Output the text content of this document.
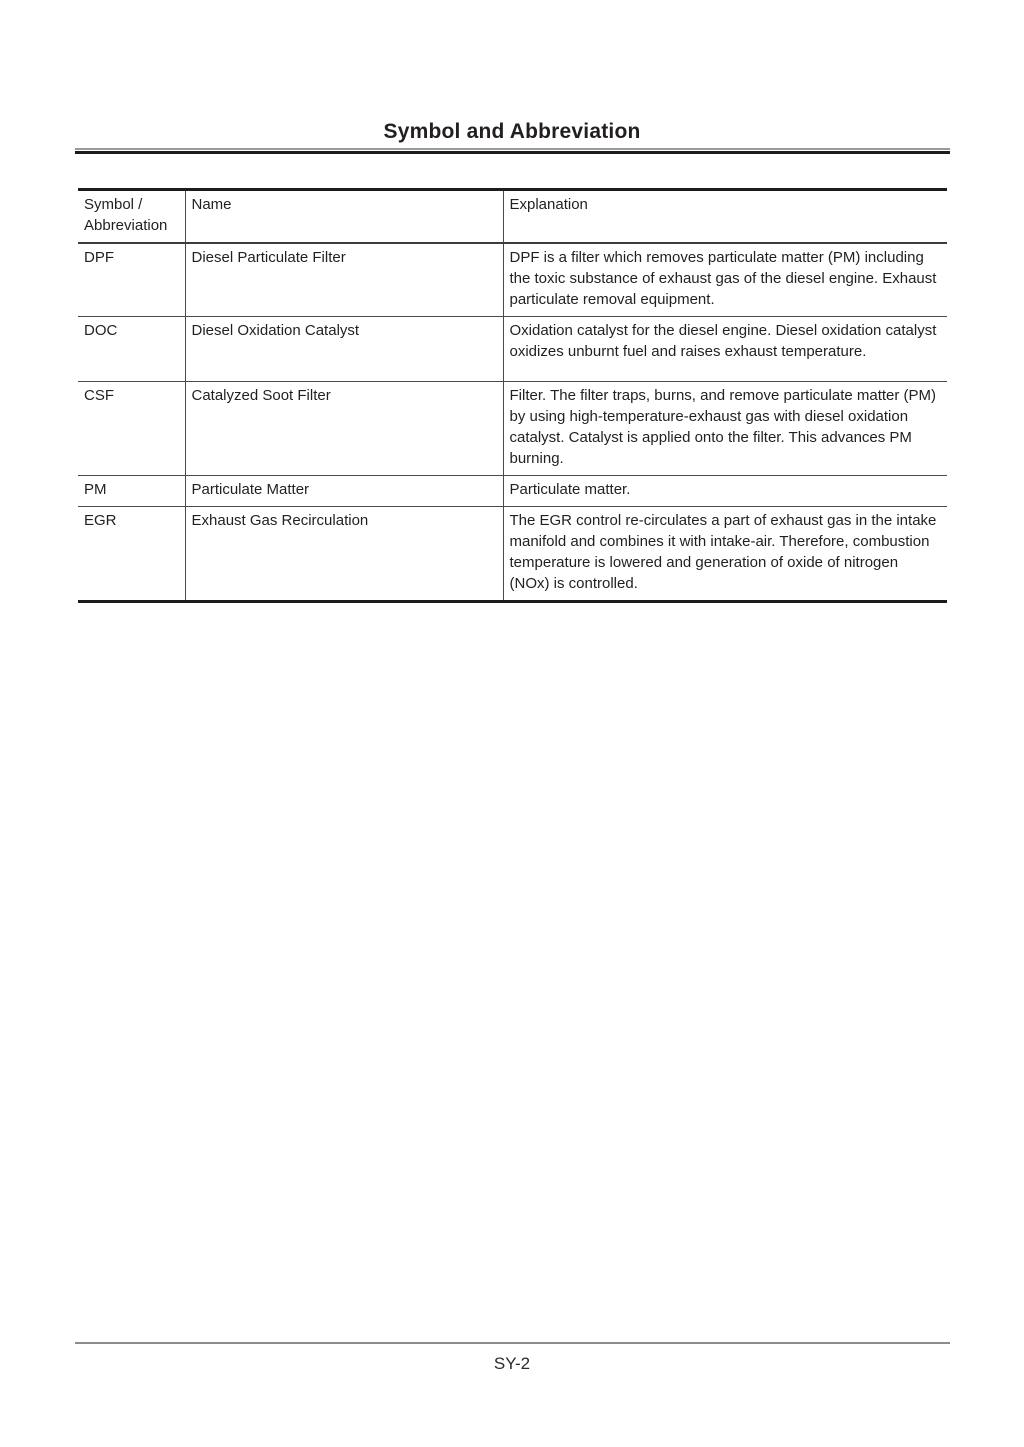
Symbol and Abbreviation
Symbol / Abbreviation	Name	Explanation
DPF	Diesel Particulate Filter	DPF is a filter which removes particulate matter (PM) including the toxic substance of exhaust gas of the diesel engine. Exhaust particulate removal equipment.
DOC	Diesel Oxidation Catalyst	Oxidation catalyst for the diesel engine. Diesel oxidation catalyst oxidizes unburnt fuel and raises exhaust temperature.
CSF	Catalyzed Soot Filter	Filter. The filter traps, burns, and remove particulate matter (PM) by using high-temperature-exhaust gas with diesel oxidation catalyst. Catalyst is applied onto the filter. This advances PM burning.
PM	Particulate Matter	Particulate matter.
EGR	Exhaust Gas Recirculation	The EGR control re-circulates a part of exhaust gas in the intake manifold and combines it with intake-air. Therefore, combustion temperature is lowered and generation of oxide of nitrogen (NOx) is controlled.
SY-2
